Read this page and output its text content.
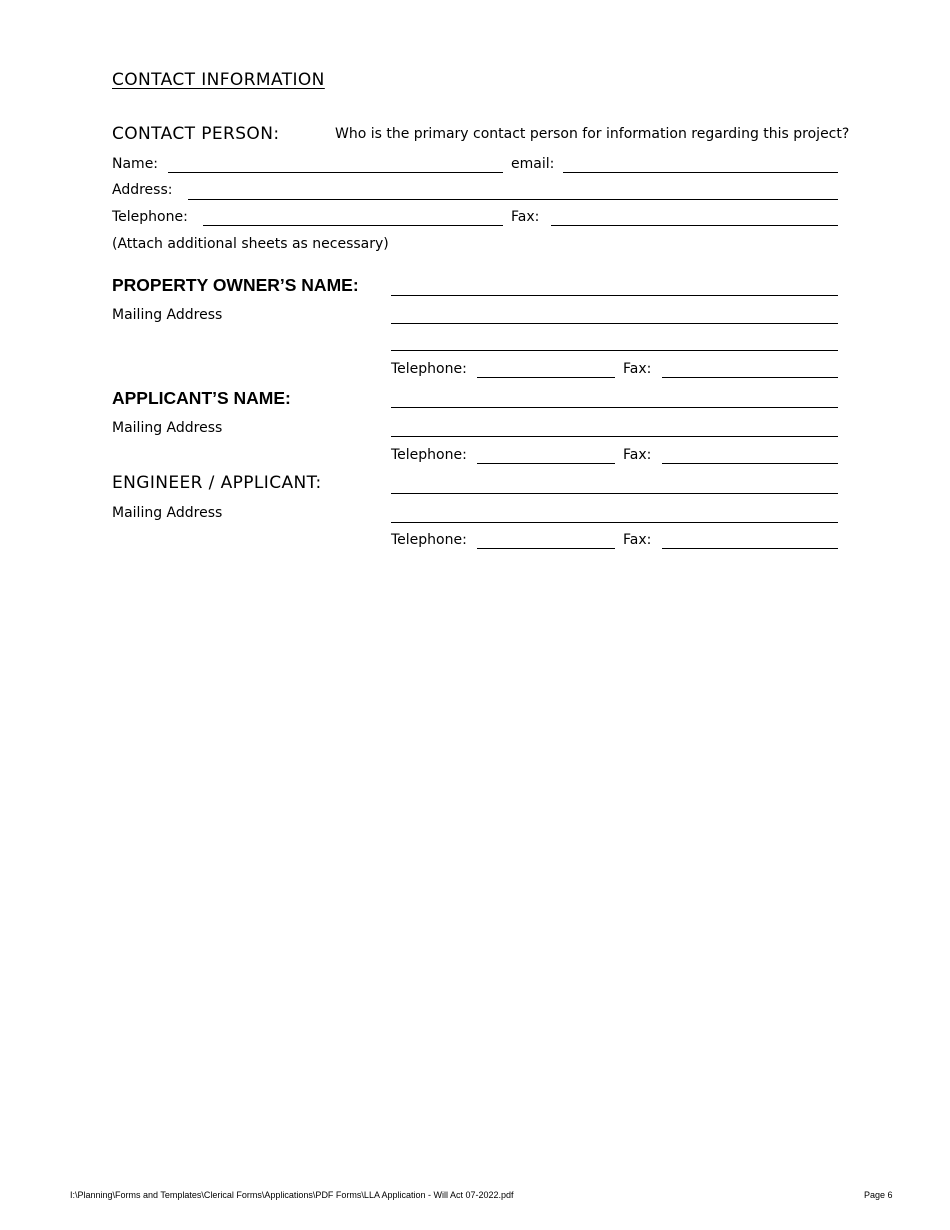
CONTACT INFORMATION
CONTACT PERSON:	Who is the primary contact person for information regarding this project?
Name:	email:
Address:
Telephone:	Fax:
(Attach additional sheets as necessary)
PROPERTY OWNER’S NAME:
Mailing Address
Telephone:	Fax:
APPLICANT’S NAME:
Mailing Address
Telephone:	Fax:
ENGINEER / APPLICANT:
Mailing Address
Telephone:	Fax:
I:\Planning\Forms and Templates\Clerical Forms\Applications\PDF Forms\LLA Application - Will Act 07-2022.pdf	Page 6
